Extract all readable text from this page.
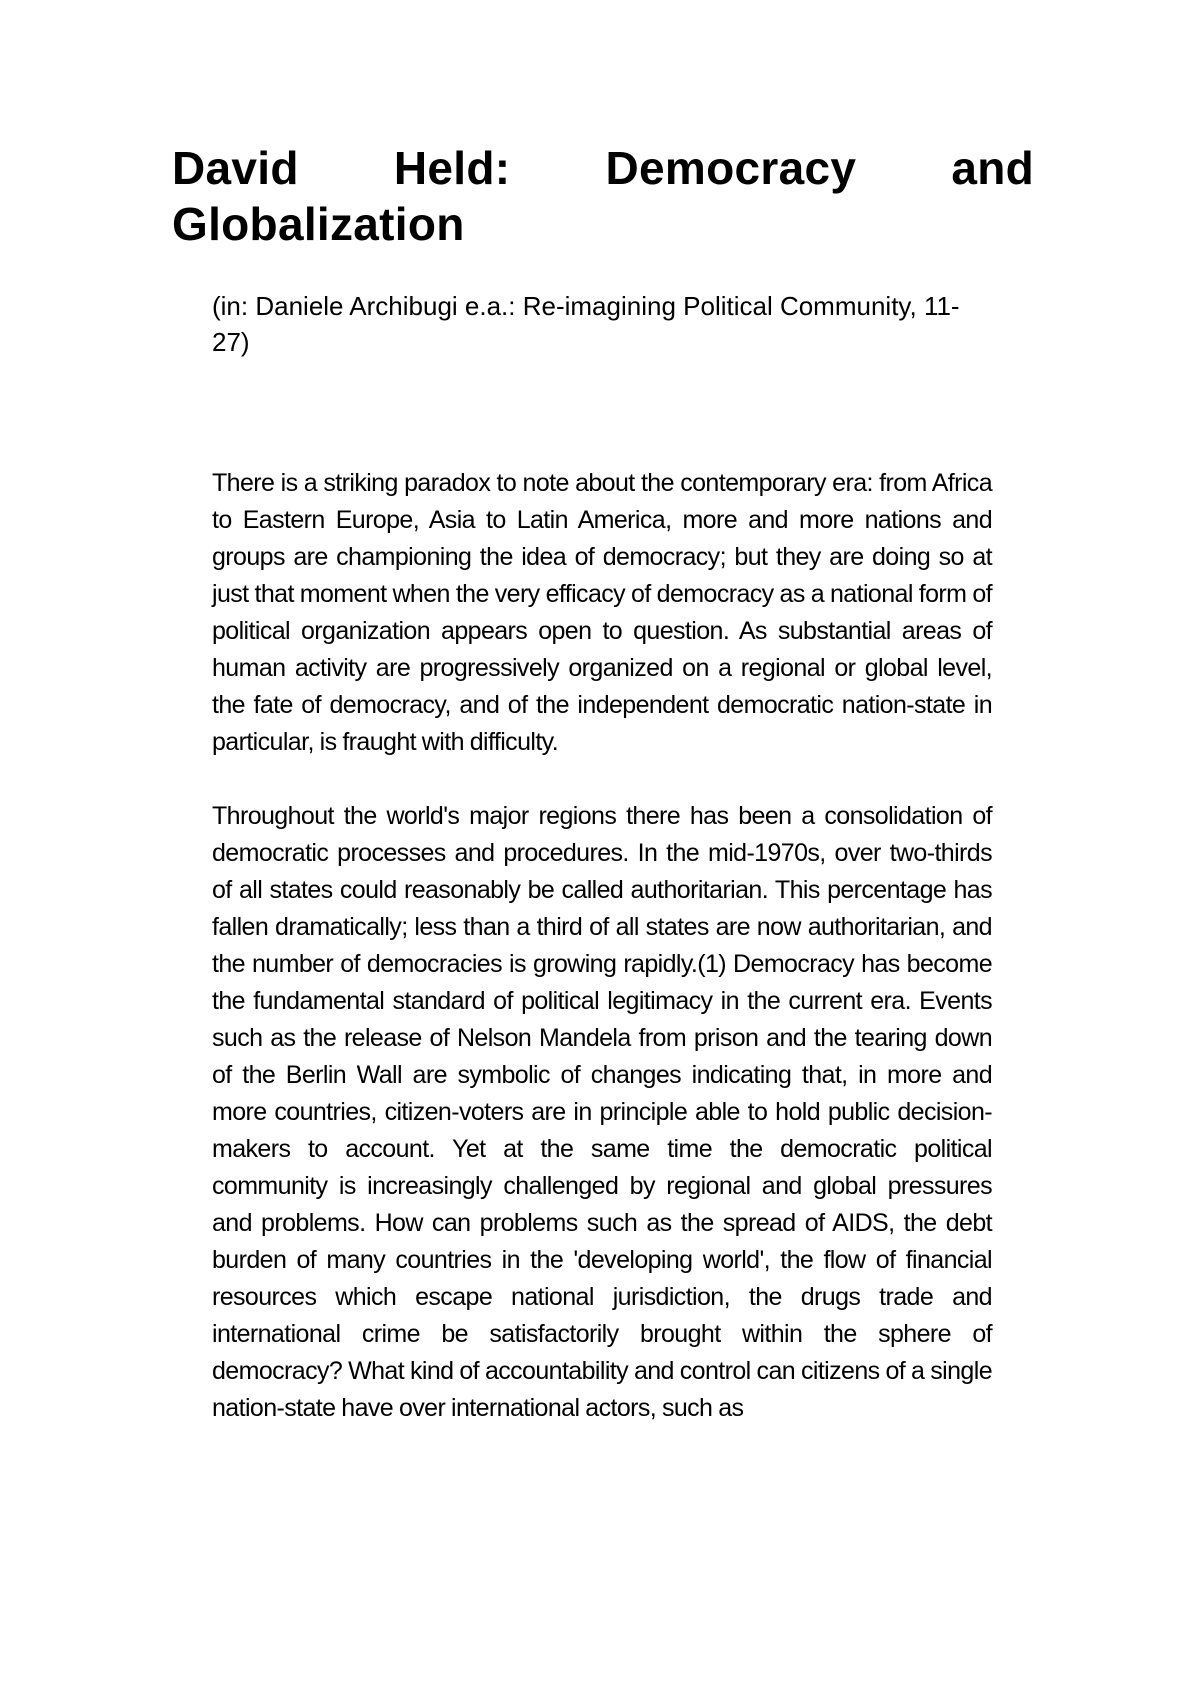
David Held: Democracy and Globalization

(in: Daniele Archibugi e.a.: Re-imagining Political Community, 11-27)

There is a striking paradox to note about the contemporary era: from Africa to Eastern Europe, Asia to Latin America, more and more nations and groups are championing the idea of democracy; but they are doing so at just that moment when the very efficacy of democracy as a national form of political organization appears open to question. As substantial areas of human activity are progressively organized on a regional or global level, the fate of democracy, and of the independent democratic nation-state in particular, is fraught with difficulty.

Throughout the world's major regions there has been a consolidation of democratic processes and procedures. In the mid-1970s, over two-thirds of all states could reasonably be called authoritarian. This percentage has fallen dramatically; less than a third of all states are now authoritarian, and the number of democracies is growing rapidly.(1) Democracy has become the fundamental standard of political legitimacy in the current era. Events such as the release of Nelson Mandela from prison and the tearing down of the Berlin Wall are symbolic of changes indicating that, in more and more countries, citizen-voters are in principle able to hold public decision-makers to account. Yet at the same time the democratic political community is increasingly challenged by regional and global pressures and problems. How can problems such as the spread of AIDS, the debt burden of many countries in the 'developing world', the flow of financial resources which escape national jurisdiction, the drugs trade and international crime be satisfactorily brought within the sphere of democracy? What kind of accountability and control can citizens of a single nation-state have over international actors, such as
